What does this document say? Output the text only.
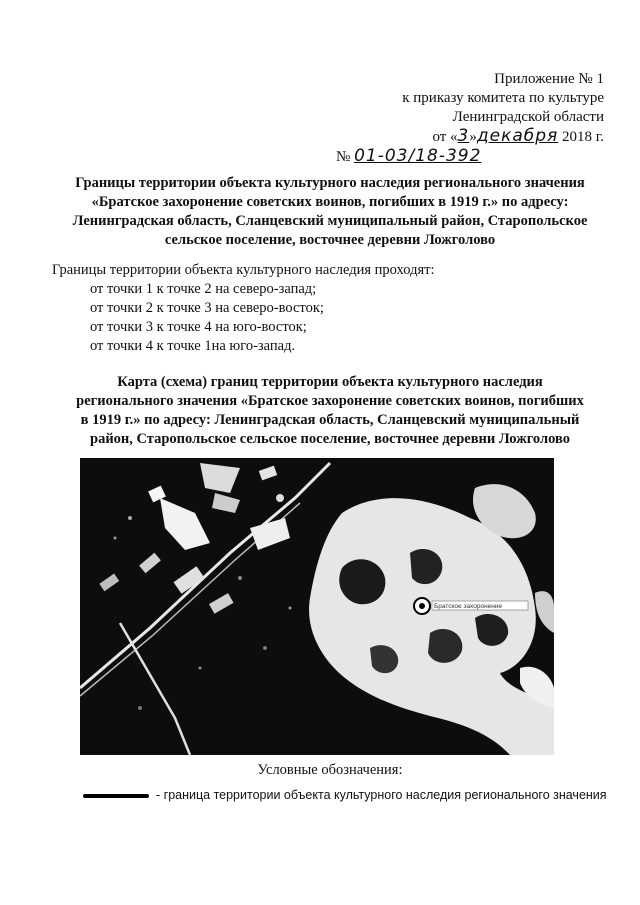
Приложение № 1
к приказу комитета по культуре
Ленинградской области
от «3»декабря 2018 г.
№ 01-03/18-392
Границы территории объекта культурного наследия регионального значения
«Братское захоронение советских воинов, погибших в 1919 г.» по адресу:
Ленинградская область, Сланцевский муниципальный район, Старопольское
сельское поселение, восточнее деревни Ложголово
Границы территории объекта культурного наследия проходят:
от точки 1 к точке 2 на северо-запад;
от точки 2 к точке 3 на северо-восток;
от точки 3 к точке 4 на юго-восток;
от точки 4 к точке 1на юго-запад.
Карта (схема) границ территории объекта культурного наследия
регионального значения «Братское захоронение советских воинов, погибших
в 1919 г.» по адресу: Ленинградская область, Сланцевский муниципальный
район, Старопольское сельское поселение, восточнее деревни Ложголово
Братское захоронение
Условные обозначения:
- граница территории объекта культурного наследия регионального значения
